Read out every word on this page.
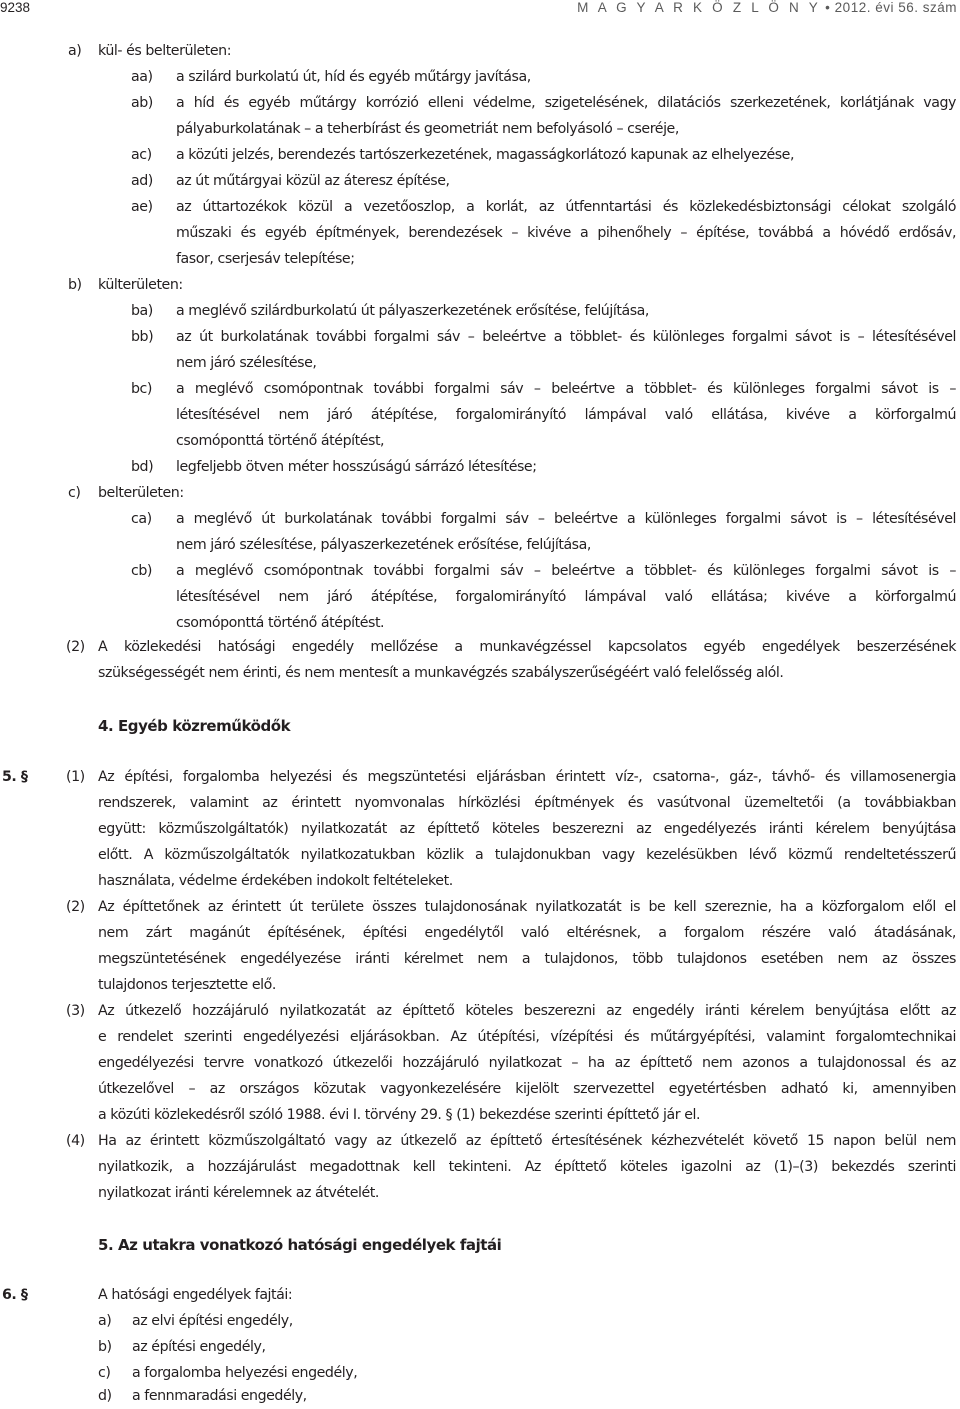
9238	M A G Y A R K Ö Z L Ö N Y • 2012. évi 56. szám
a) kül- és belterületen:
aa) a szilárd burkolatú út, híd és egyéb műtárgy javítása,
ab) a híd és egyéb műtárgy korrózió elleni védelme, szigetelésének, dilatációs szerkezetének, korlátjának vagy
pályaburkolatának – a teherbírást és geometriát nem befolyásoló – cseréje,
ac) a közúti jelzés, berendezés tartószerkezetének, magasságkorlátozó kapunak az elhelyezése,
ad) az út műtárgyai közül az áteresz építése,
ae) az úttartozékok közül a vezetőoszlop, a korlát, az útfenntartási és közlekedésbiztonsági célokat szolgáló
műszaki és egyéb építmények, berendezések – kivéve a pihenőhely – építése, továbbá a hóvédő erdősáv,
fasor, cserjesáv telepítése;
b) külterületen:
ba) a meglévő szilárdburkolatú út pályaszerkezetének erősítése, felújítása,
bb) az út burkolatának további forgalmi sáv – beleértve a többlet- és különleges forgalmi sávot is – létesítésével
nem járó szélesítése,
bc) a meglévő csomópontnak további forgalmi sáv – beleértve a többlet- és különleges forgalmi sávot is –
létesítésével nem járó átépítése, forgalomirányító lámpával való ellátása, kivéve a körforgalmú
csomóponttá történő átépítést,
bd) legfeljebb ötven méter hosszúságú sárrázó létesítése;
c) belterületen:
ca) a meglévő út burkolatának további forgalmi sáv – beleértve a különleges forgalmi sávot is – létesítésével
nem járó szélesítése, pályaszerkezetének erősítése, felújítása,
cb) a meglévő csomópontnak további forgalmi sáv – beleértve a többlet- és különleges forgalmi sávot is –
létesítésével nem járó átépítése, forgalomirányító lámpával való ellátása; kivéve a körforgalmú
csomóponttá történő átépítést.
(2) A közlekedési hatósági engedély mellőzése a munkavégzéssel kapcsolatos egyéb engedélyek beszerzésének
szükségességét nem érinti, és nem mentesít a munkavégzés szabályszerűségéért való felelősség alól.
4. Egyéb közreműködők
5. §	(1) Az építési, forgalomba helyezési és megszüntetési eljárásban érintett víz-, csatorna-, gáz-, távhő- és villamosenergia
rendszerek, valamint az érintett nyomvonalas hírközlési építmények és vasútvonal üzemeltetői (a továbbiakban
együtt: közműszolgáltatók) nyilatkozatát az építtető köteles beszerezni az engedélyezés iránti kérelem benyújtása
előtt. A közműszolgáltatók nyilatkozatukban közlik a tulajdonukban vagy kezelésükben lévő közmű rendeltetésszerű
használata, védelme érdekében indokolt feltételeket.
(2) Az építtetőnek az érintett út területe összes tulajdonosának nyilatkozatát is be kell szereznie, ha a közforgalom elől el
nem zárt magánút építésének, építési engedélytől való eltérésnek, a forgalom részére való átadásának,
megszüntetésének engedélyezése iránti kérelmet nem a tulajdonos, több tulajdonos esetében nem az összes
tulajdonos terjesztette elő.
(3) Az útkezelő hozzájáruló nyilatkozatát az építtető köteles beszerezni az engedély iránti kérelem benyújtása előtt az
e rendelet szerinti engedélyezési eljárásokban. Az útépítési, vízépítési és műtárgyépítési, valamint forgalomtechnikai
engedélyezési tervre vonatkozó útkezelői hozzájáruló nyilatkozat – ha az építtető nem azonos a tulajdonossal és az
útkezelővel – az országos közutak vagyonkezelésére kijelölt szervezettel egyetértésben adható ki, amennyiben
a közúti közlekedésről szóló 1988. évi I. törvény 29. § (1) bekezdése szerinti építtető jár el.
(4) Ha az érintett közműszolgáltató vagy az útkezelő az építtető értesítésének kézhezvételét követő 15 napon belül nem
nyilatkozik, a hozzájárulást megadottnak kell tekinteni. Az építtető köteles igazolni az (1)–(3) bekezdés szerinti
nyilatkozat iránti kérelemnek az átvételét.
5. Az utakra vonatkozó hatósági engedélyek fajtái
6. §	A hatósági engedélyek fajtái:
a) az elvi építési engedély,
b) az építési engedély,
c) a forgalomba helyezési engedély,
d) a fennmaradási engedély,
